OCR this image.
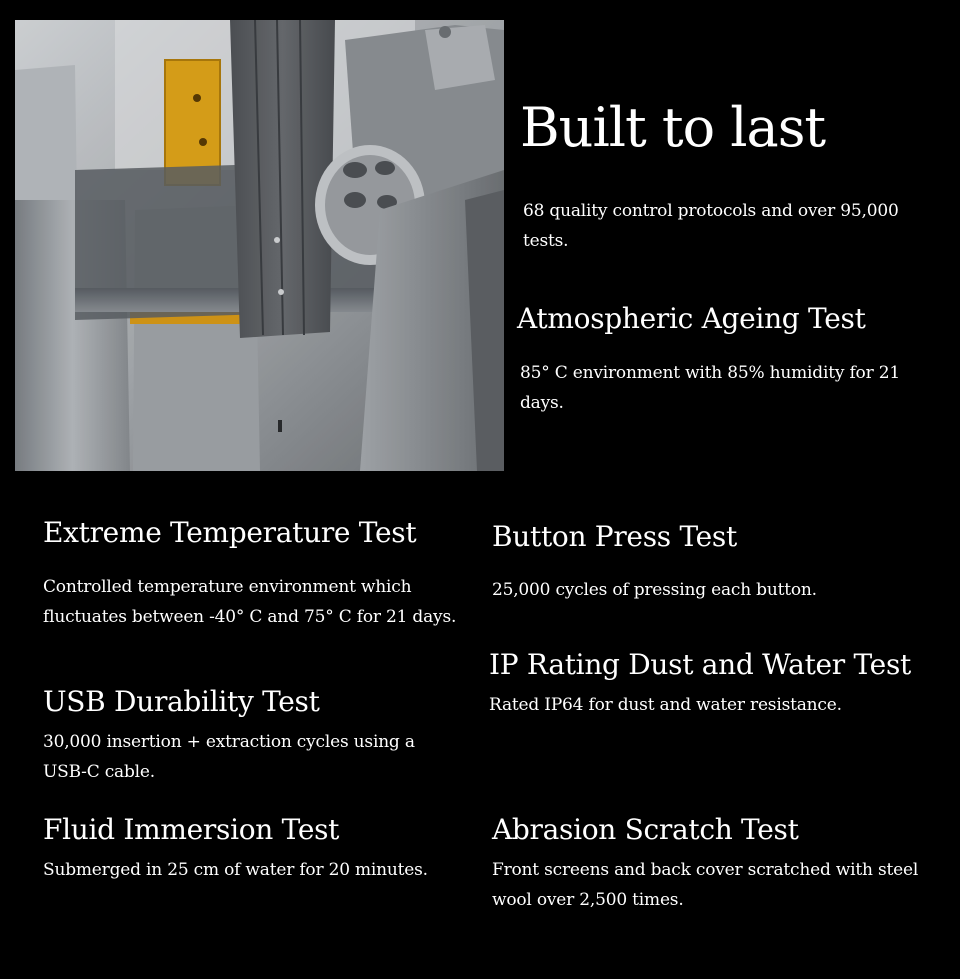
Built to last

68 quality control protocols and over 95,000 tests.

Atmospheric Ageing Test

85° C environment with 85% humidity for 21 days.

Extreme Temperature Test

Controlled temperature environment which fluctuates between -40° C and 75° C for 21 days.

Button Press Test

25,000 cycles of pressing each button.

IP Rating Dust and Water Test

Rated IP64 for dust and water resistance.

USB Durability Test

30,000 insertion + extraction cycles using a USB-C cable.

Fluid Immersion Test

Submerged in 25 cm of water for 20 minutes.

Abrasion Scratch Test

Front screens and back cover scratched with steel wool over 2,500 times.
